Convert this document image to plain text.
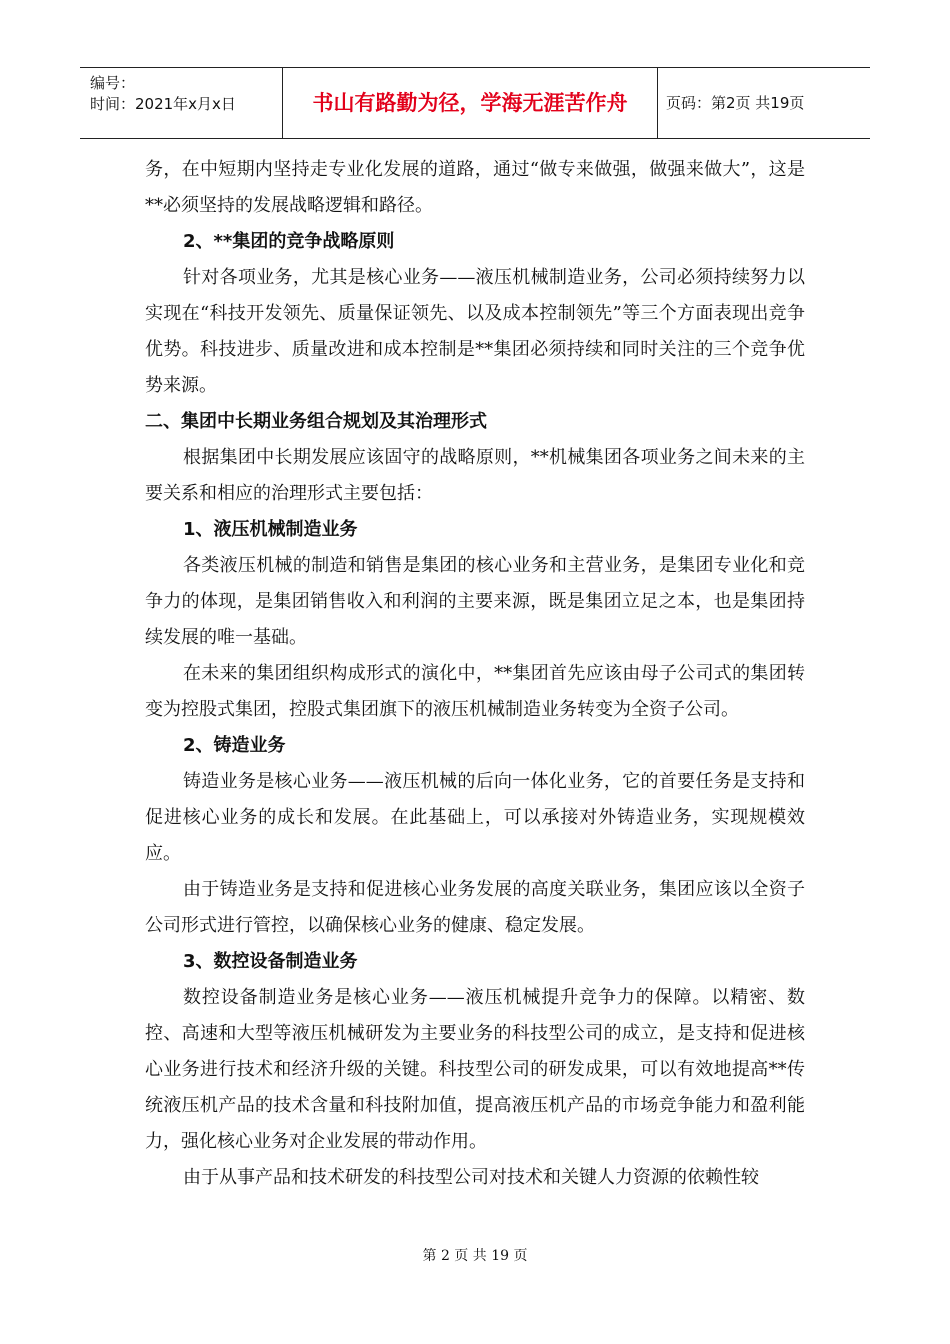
编号：
时间：2021年x月x日	书山有路勤为径，学海无涯苦作舟	页码：第2页 共19页

务，在中短期内坚持走专业化发展的道路，通过“做专来做强，做强来做大”，这是**必须坚持的发展战略逻辑和路径。

2、**集团的竞争战略原则

针对各项业务，尤其是核心业务——液压机械制造业务，公司必须持续努力以实现在“科技开发领先、质量保证领先、以及成本控制领先”等三个方面表现出竞争优势。科技进步、质量改进和成本控制是**集团必须持续和同时关注的三个竞争优势来源。

二、集团中长期业务组合规划及其治理形式

根据集团中长期发展应该固守的战略原则，**机械集团各项业务之间未来的主要关系和相应的治理形式主要包括：

1、液压机械制造业务

各类液压机械的制造和销售是集团的核心业务和主营业务，是集团专业化和竞争力的体现，是集团销售收入和利润的主要来源，既是集团立足之本，也是集团持续发展的唯一基础。

在未来的集团组织构成形式的演化中，**集团首先应该由母子公司式的集团转变为控股式集团，控股式集团旗下的液压机械制造业务转变为全资子公司。

2、铸造业务

铸造业务是核心业务——液压机械的后向一体化业务，它的首要任务是支持和促进核心业务的成长和发展。在此基础上，可以承接对外铸造业务，实现规模效应。

由于铸造业务是支持和促进核心业务发展的高度关联业务，集团应该以全资子公司形式进行管控，以确保核心业务的健康、稳定发展。

3、数控设备制造业务

数控设备制造业务是核心业务——液压机械提升竞争力的保障。以精密、数控、高速和大型等液压机械研发为主要业务的科技型公司的成立，是支持和促进核心业务进行技术和经济升级的关键。科技型公司的研发成果，可以有效地提高**传统液压机产品的技术含量和科技附加值，提高液压机产品的市场竞争能力和盈利能力，强化核心业务对企业发展的带动作用。

由于从事产品和技术研发的科技型公司对技术和关键人力资源的依赖性较

第 2 页 共 19 页
